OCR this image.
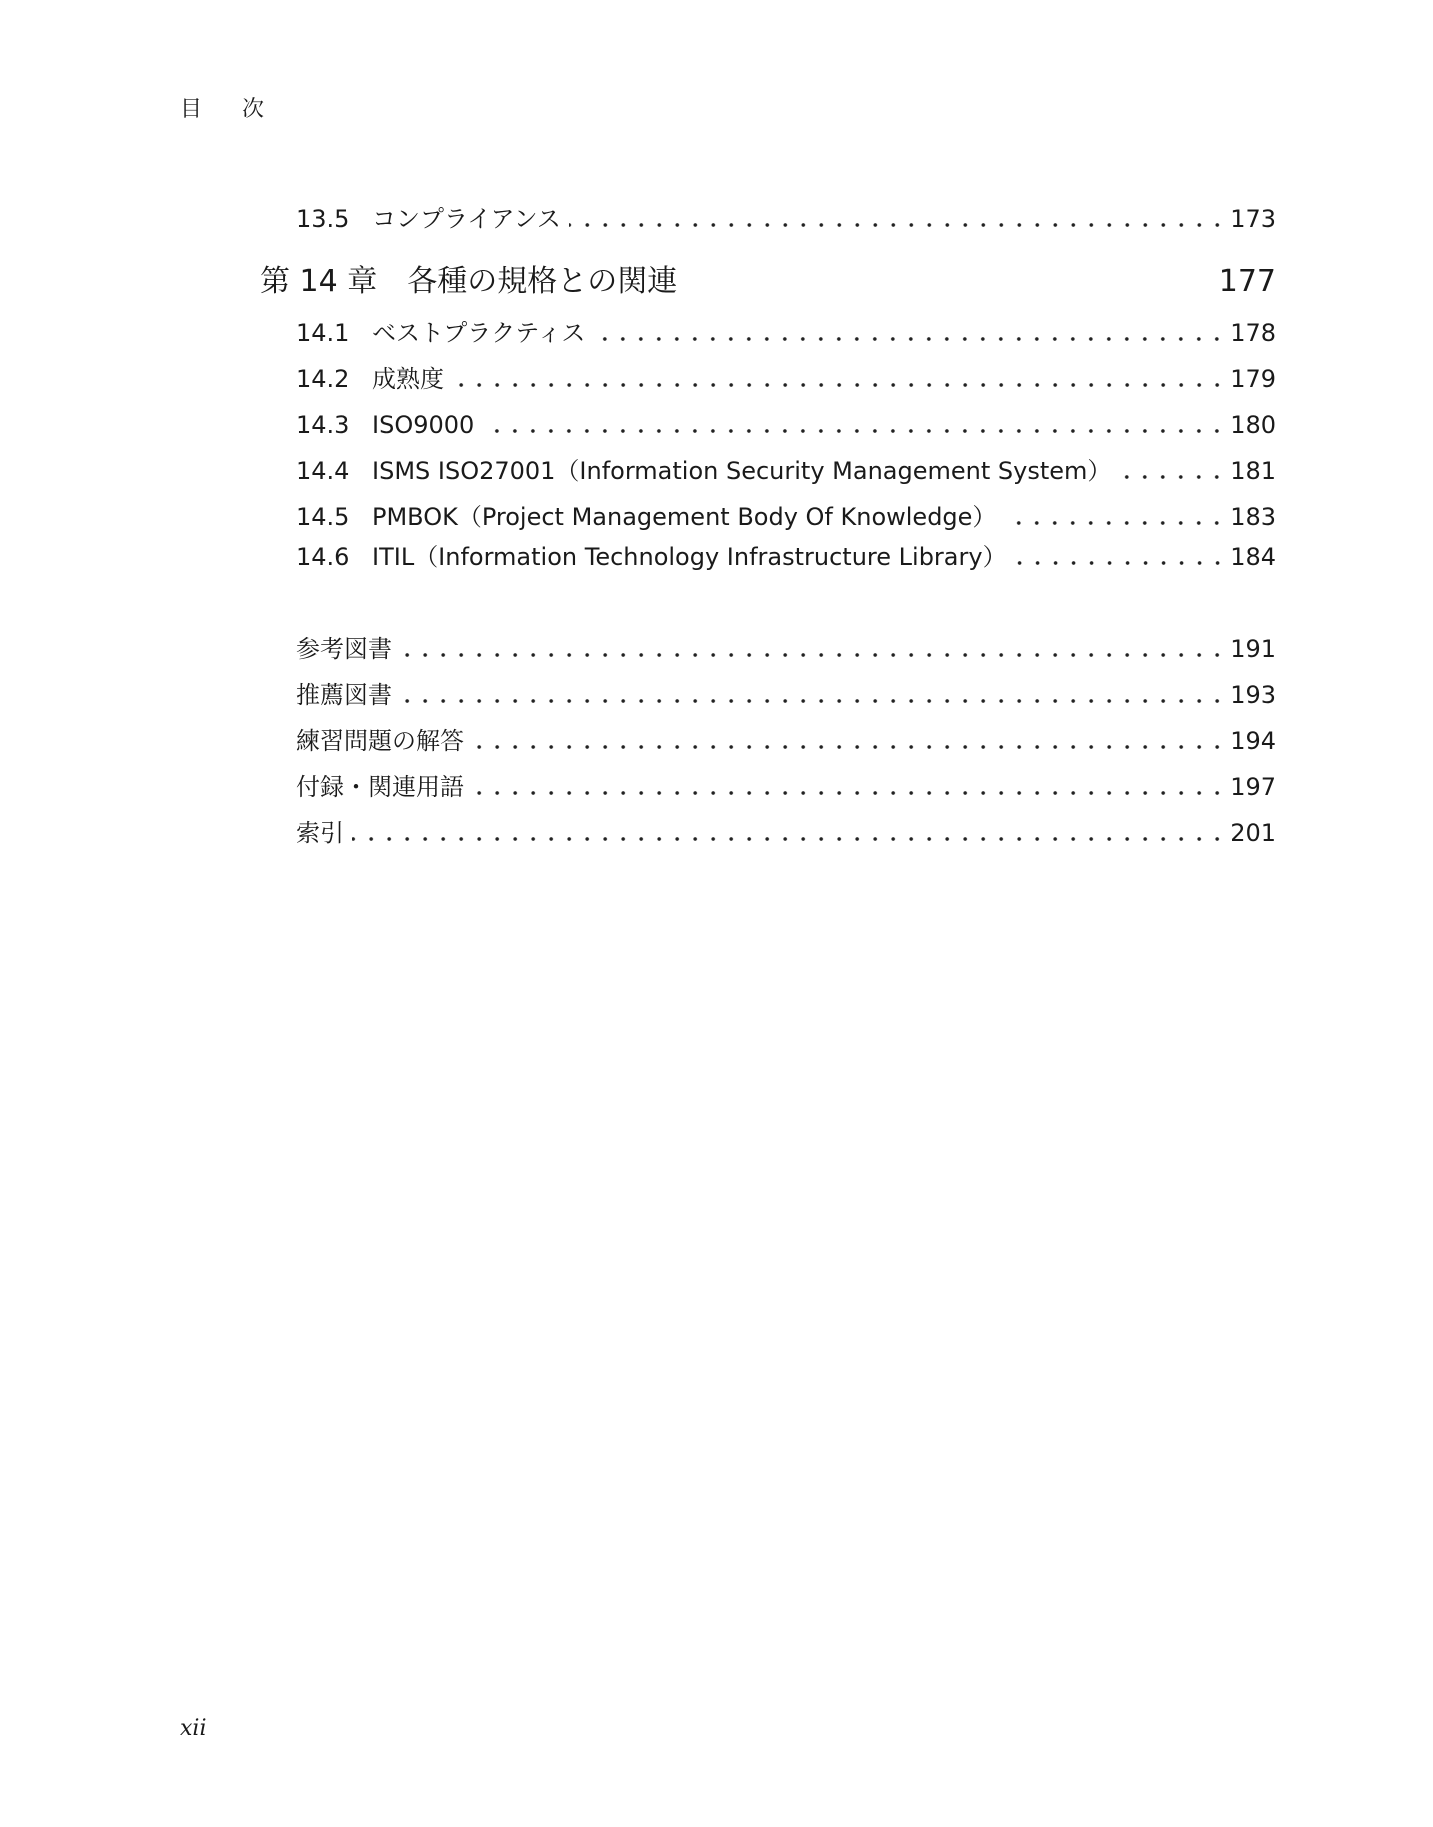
目次
13.5 コンプライアンス	173
第 14 章 各種の規格との関連	177
14.1 ベストプラクティス	178
14.2 成熟度	179
14.3 ISO9000	180
14.4 ISMS ISO27001（Information Security Management System）	181
14.5 PMBOK（Project Management Body Of Knowledge）	183
14.6 ITIL（Information Technology Infrastructure Library）	184
参考図書	191
推薦図書	193
練習問題の解答	194
付録・関連用語	197
索引	201
xii
